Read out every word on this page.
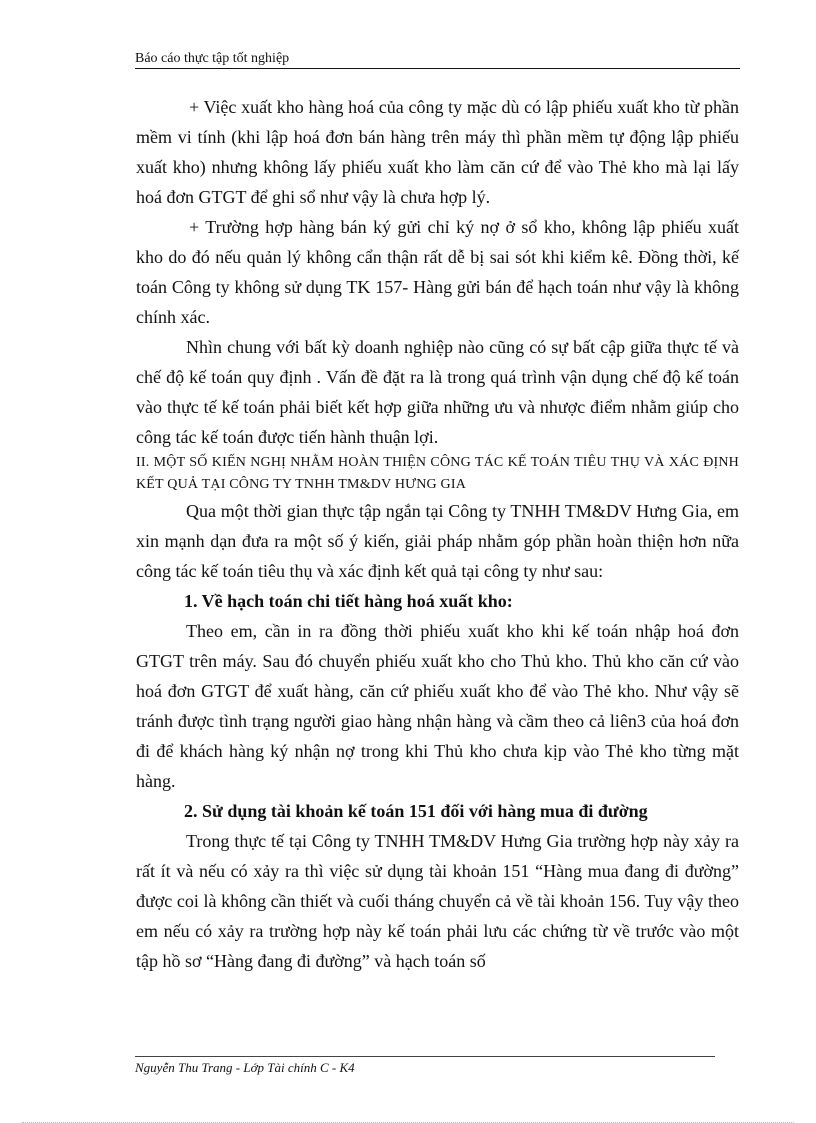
Báo cáo thực tập tốt nghiệp

+ Việc xuất kho hàng hoá của công ty mặc dù có lập phiếu xuất kho từ phần mềm vi tính (khi lập hoá đơn bán hàng trên máy thì phần mềm tự động lập phiếu xuất kho) nhưng không lấy phiếu xuất kho làm căn cứ để vào Thẻ kho mà lại lấy hoá đơn GTGT để ghi sổ như vậy là chưa hợp lý.

+ Trường hợp hàng bán ký gửi chỉ ký nợ ở sổ kho, không lập phiếu xuất kho do đó nếu quản lý không cẩn thận rất dễ bị sai sót khi kiểm kê. Đồng thời, kế toán Công ty không sử dụng TK 157- Hàng gửi bán để hạch toán như vậy là không chính xác.

Nhìn chung với bất kỳ doanh nghiệp nào cũng có sự bất cập giữa thực tế và chế độ kế toán quy định . Vấn đề đặt ra là trong quá trình vận dụng chế độ kế toán vào thực tế kế toán phải biết kết hợp giữa những ưu và nhược điểm nhằm giúp cho công tác kế toán được tiến hành thuận lợi.

II. MỘT SỐ KIẾN NGHỊ NHẰM HOÀN THIỆN CÔNG TÁC KẾ TOÁN TIÊU THỤ VÀ XÁC ĐỊNH KẾT QUẢ TẠI CÔNG TY TNHH TM&DV HƯNG GIA

Qua một thời gian thực tập ngắn tại Công ty TNHH TM&DV Hưng Gia, em xin mạnh dạn đưa ra một số ý kiến, giải pháp nhằm góp phần hoàn thiện hơn nữa công tác kế toán tiêu thụ và xác định kết quả tại công ty như sau:

1. Về hạch toán chi tiết hàng hoá xuất kho:

Theo em, cần in ra đồng thời phiếu xuất kho khi kế toán nhập hoá đơn GTGT trên máy. Sau đó chuyển phiếu xuất kho cho Thủ kho. Thủ kho căn cứ vào hoá đơn GTGT để xuất hàng, căn cứ phiếu xuất kho để vào Thẻ kho. Như vậy sẽ tránh được tình trạng người giao hàng nhận hàng và cầm theo cả liên3 của hoá đơn đi để khách hàng ký nhận nợ trong khi Thủ kho chưa kịp vào Thẻ kho từng mặt hàng.

2. Sử dụng tài khoản kế toán 151 đối với hàng mua đi đường

Trong thực tế tại Công ty TNHH TM&DV Hưng Gia trường hợp này xảy ra rất ít và nếu có xảy ra thì việc sử dụng tài khoản 151 “Hàng mua đang đi đường” được coi là không cần thiết và cuối tháng chuyển cả về tài khoản 156. Tuy vậy theo em nếu có xảy ra trường hợp này kế toán phải lưu các chứng từ về trước vào một tập hồ sơ “Hàng đang đi đường” và hạch toán số

Nguyễn Thu Trang - Lớp Tài chính C - K4
